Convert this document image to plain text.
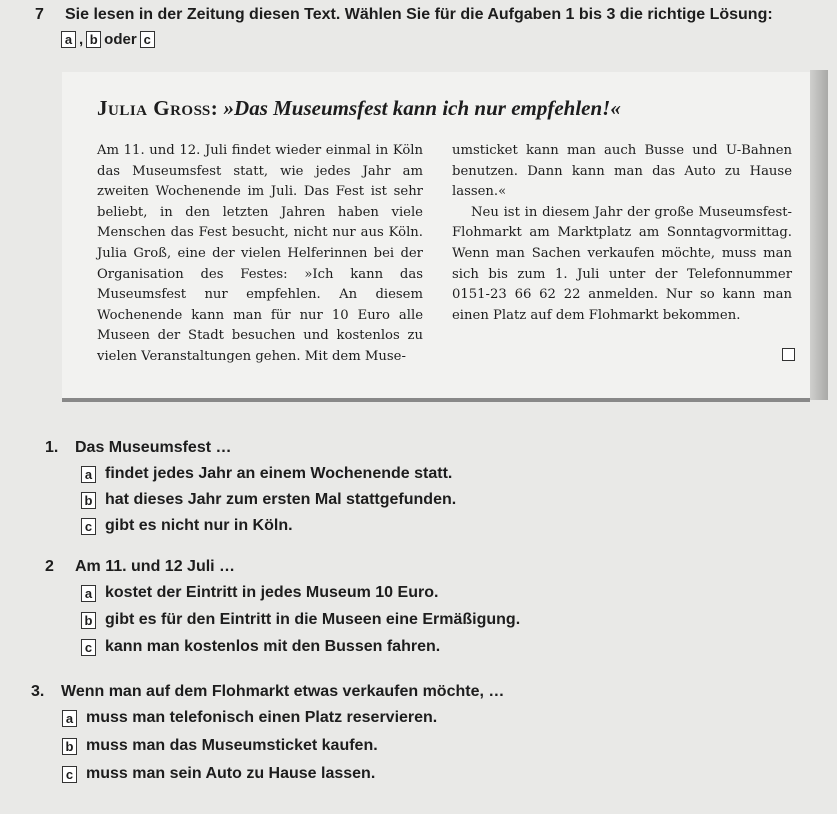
7 Sie lesen in der Zeitung diesen Text. Wählen Sie für die Aufgaben 1 bis 3 die richtige Lösung:
a , b oder c
Julia Groß: »Das Museumsfest kann ich nur empfehlen!«

Am 11. und 12. Juli findet wieder einmal in Köln das Museumsfest statt, wie jedes Jahr am zweiten Wochenende im Juli. Das Fest ist sehr beliebt, in den letzten Jahren haben viele Menschen das Fest besucht, nicht nur aus Köln. Julia Groß, eine der vielen Helferinnen bei der Organisation des Festes: »Ich kann das Museumsfest nur empfehlen. An diesem Wochenende kann man für nur 10 Euro alle Museen der Stadt besuchen und kostenlos zu vielen Veranstaltungen gehen. Mit dem Muse-

umsticket kann man auch Busse und U-Bahnen benutzen. Dann kann man das Auto zu Hause lassen.«

Neu ist in diesem Jahr der große Museumsfest-Flohmarkt am Marktplatz am Sonntagvormittag. Wenn man Sachen verkaufen möchte, muss man sich bis zum 1. Juli unter der Telefonnummer 0151-23 66 62 22 anmelden. Nur so kann man einen Platz auf dem Flohmarkt bekommen.

1. Das Museumsfest …
a findet jedes Jahr an einem Wochenende statt.
b hat dieses Jahr zum ersten Mal stattgefunden.
c gibt es nicht nur in Köln.
2 Am 11. und 12 Juli …
a kostet der Eintritt in jedes Museum 10 Euro.
b gibt es für den Eintritt in die Museen eine Ermäßigung.
c kann man kostenlos mit den Bussen fahren.
3. Wenn man auf dem Flohmarkt etwas verkaufen möchte, …
a muss man telefonisch einen Platz reservieren.
b muss man das Museumsticket kaufen.
c muss man sein Auto zu Hause lassen.
